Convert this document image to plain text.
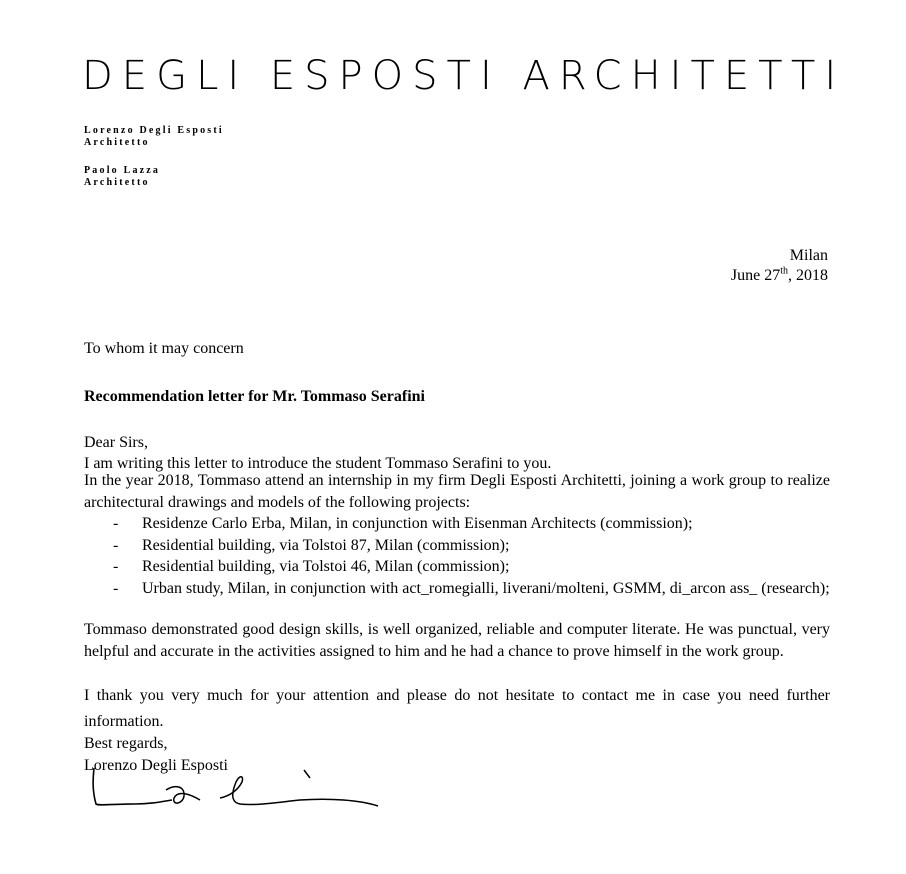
DEGLI ESPOSTI ARCHITETTI
Lorenzo Degli Esposti
Architetto
Paolo Lazza
Architetto
Milan
June 27th, 2018
To whom it may concern
Recommendation letter for Mr. Tommaso Serafini
Dear Sirs,
I am writing this letter to introduce the student Tommaso Serafini to you.
In the year 2018, Tommaso attend an internship in my firm Degli Esposti Architetti, joining a work group to realize architectural drawings and models of the following projects:
- Residenze Carlo Erba, Milan, in conjunction with Eisenman Architects (commission);
- Residential building, via Tolstoi 87, Milan (commission);
- Residential building, via Tolstoi 46, Milan (commission);
- Urban study, Milan, in conjunction with act_romegialli, liverani/molteni, GSMM, di_arcon ass_ (research);
Tommaso demonstrated good design skills, is well organized, reliable and computer literate. He was punctual, very helpful and accurate in the activities assigned to him and he had a chance to prove himself in the work group.
I thank you very much for your attention and please do not hesitate to contact me in case you need further information.
Best regards,
Lorenzo Degli Esposti
